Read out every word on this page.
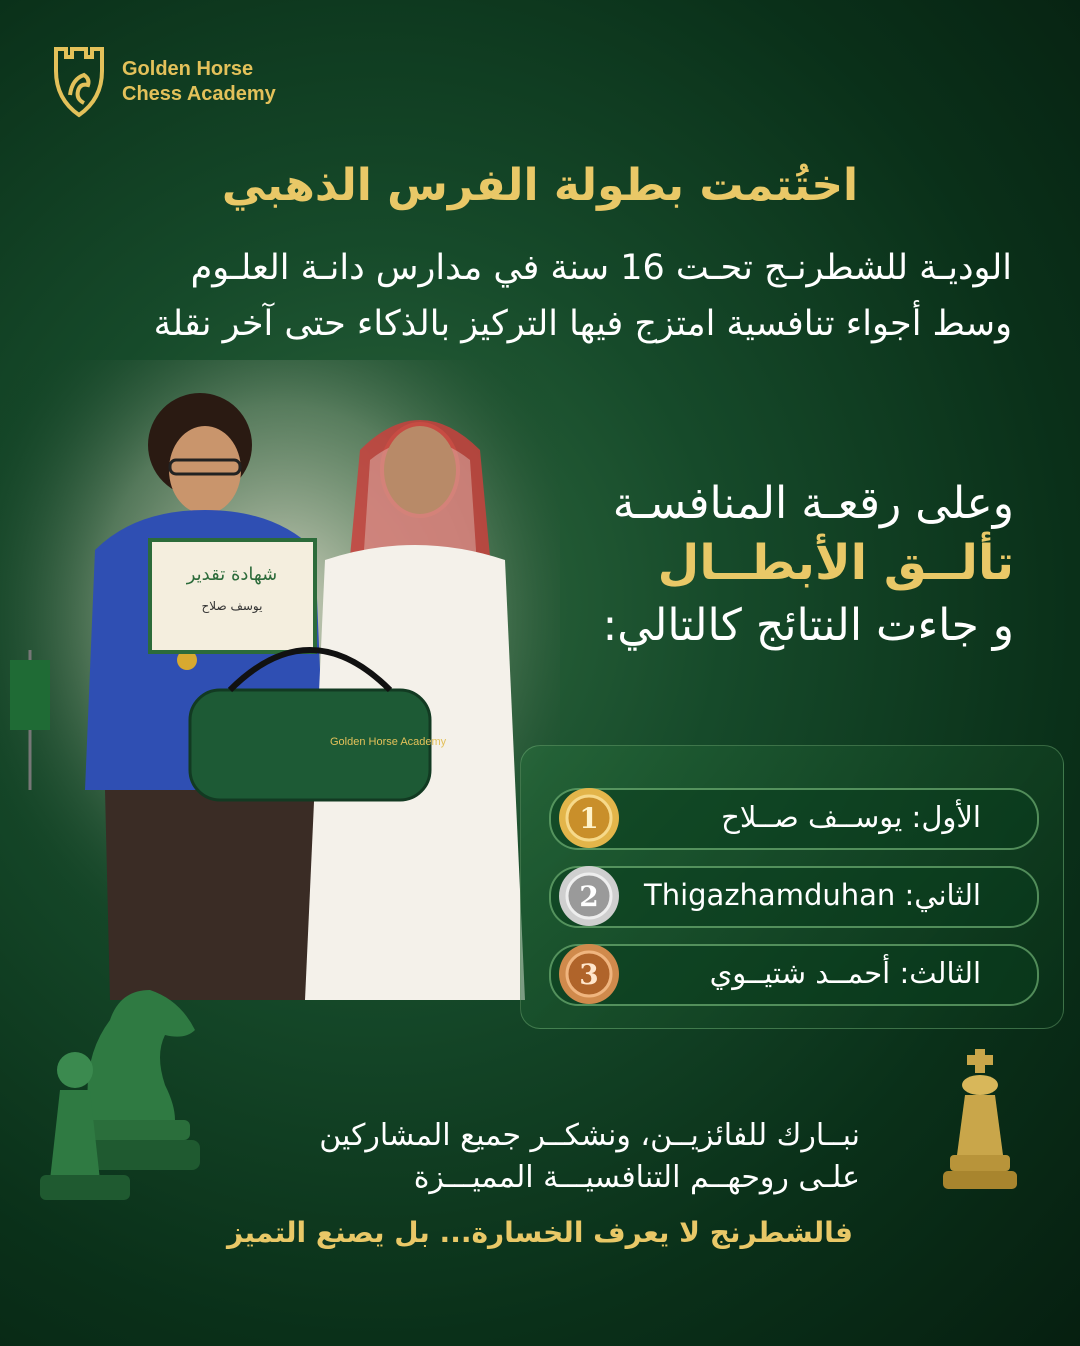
Golden Horse
Chess Academy
اختُتمت بطولة الفرس الذهبي
الوديـة للشطرنـج تحـت 16 سنة في مدارس دانـة العلـوم
وسط أجواء تنافسية امتزج فيها التركيز بالذكاء حتى آخر نقلة
شهادة تقدير
يوسف صلاح
Golden Horse Academy
وعلى رقعـة المنافسـة
تألــق الأبطــال
و جاءت النتائج كالتالي:
1	الأول: يوســف صــلاح
2	الثاني: Thigazhamduhan
3	الثالث: أحمــد شتيــوي
نبــارك للفائزيــن، ونشكــر جميع المشاركين
علـى روحهــم التنافسيـــة المميـــزة
فالشطرنج لا يعرف الخسارة... بل يصنع التميز
